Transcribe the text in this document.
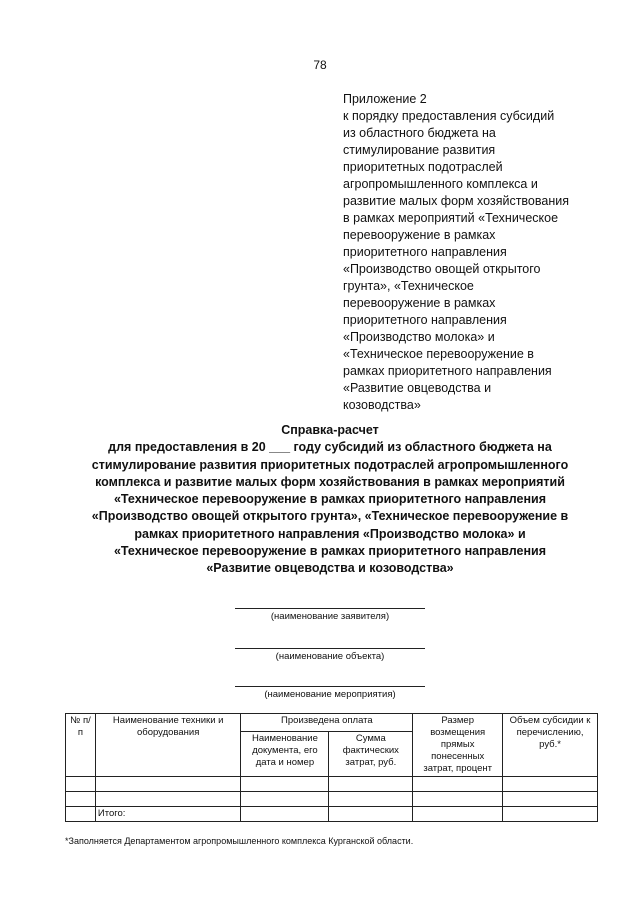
78
Приложение 2
к порядку предоставления субсидий
из областного бюджета на
стимулирование развития
приоритетных подотраслей
агропромышленного комплекса и
развитие малых форм хозяйствования
в рамках мероприятий «Техническое
перевооружение в рамках
приоритетного направления
«Производство овощей открытого
грунта», «Техническое
перевооружение в рамках
приоритетного направления
«Производство молока» и
«Техническое перевооружение в
рамках приоритетного направления
«Развитие овцеводства и
козоводства»
Справка-расчет
для предоставления в 20 ___ году субсидий из областного бюджета на
стимулирование развития приоритетных подотраслей агропромышленного
комплекса и развитие малых форм хозяйствования в рамках мероприятий
«Техническое перевооружение в рамках приоритетного направления
«Производство овощей открытого грунта», «Техническое перевооружение в
рамках приоритетного направления «Производство молока» и
«Техническое перевооружение в рамках приоритетного направления
«Развитие овцеводства и козоводства»
(наименование заявителя)
(наименование объекта)
(наименование мероприятия)
№ п/п	Наименование техники и оборудования	Произведена оплата		Размер возмещения прямых понесенных затрат, процент	Объем субсидии к перечислению, руб.*
		Наименование документа, его дата и номер	Сумма фактических затрат, руб.		

	Итого:				
*Заполняется Департаментом агропромышленного комплекса Курганской области.
